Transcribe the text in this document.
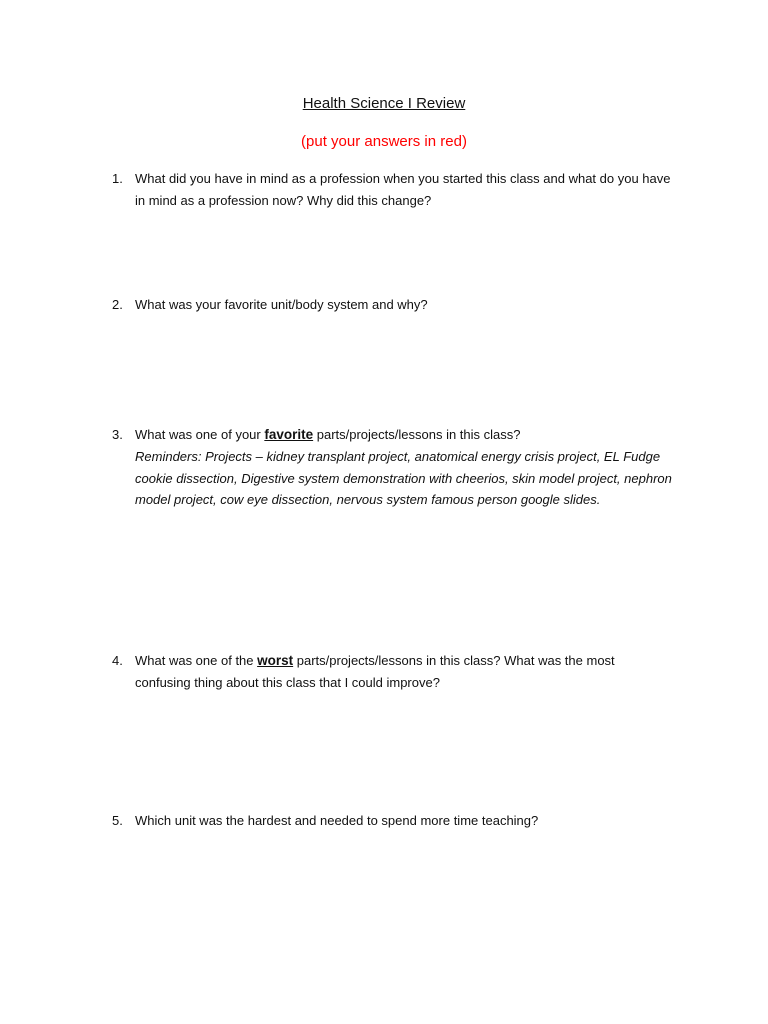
Health Science I Review
(put your answers in red)
1. What did you have in mind as a profession when you started this class and what do you have in mind as a profession now? Why did this change?
2. What was your favorite unit/body system and why?
3. What was one of your favorite parts/projects/lessons in this class?
Reminders: Projects – kidney transplant project, anatomical energy crisis project, EL Fudge cookie dissection, Digestive system demonstration with cheerios, skin model project, nephron model project, cow eye dissection, nervous system famous person google slides.
4. What was one of the worst parts/projects/lessons in this class? What was the most confusing thing about this class that I could improve?
5. Which unit was the hardest and needed to spend more time teaching?
